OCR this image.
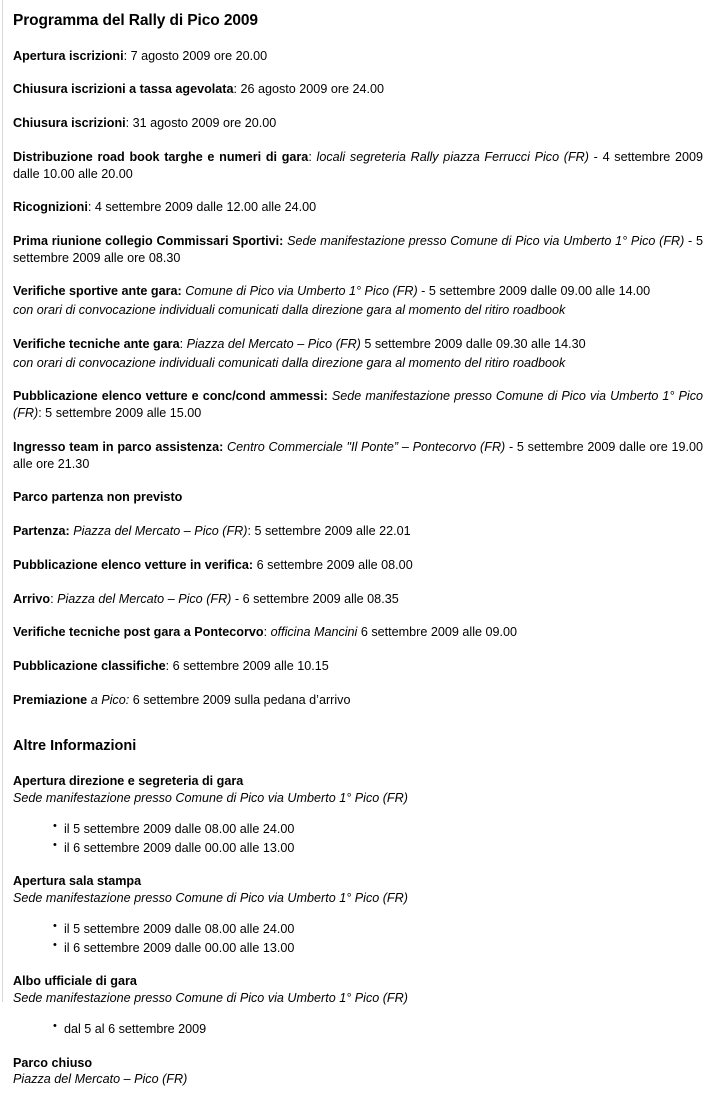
Programma del Rally di Pico 2009

Apertura iscrizioni: 7 agosto 2009 ore 20.00

Chiusura iscrizioni a tassa agevolata: 26 agosto 2009 ore 24.00

Chiusura iscrizioni: 31 agosto 2009 ore 20.00

Distribuzione road book targhe e numeri di gara: locali segreteria Rally piazza Ferrucci Pico (FR) - 4 settembre 2009 dalle 10.00 alle 20.00

Ricognizioni: 4 settembre 2009 dalle 12.00 alle 24.00

Prima riunione collegio Commissari Sportivi: Sede manifestazione presso Comune di Pico via Umberto 1° Pico (FR) - 5 settembre 2009 alle ore 08.30

Verifiche sportive ante gara: Comune di Pico via Umberto 1° Pico (FR) - 5 settembre 2009 dalle 09.00 alle 14.00

con orari di convocazione individuali comunicati dalla direzione gara al momento del ritiro roadbook

Verifiche tecniche ante gara: Piazza del Mercato – Pico (FR) 5 settembre 2009 dalle 09.30 alle 14.30

con orari di convocazione individuali comunicati dalla direzione gara al momento del ritiro roadbook

Pubblicazione elenco vetture e conc/cond ammessi: Sede manifestazione presso Comune di Pico via Umberto 1° Pico (FR): 5 settembre 2009 alle 15.00

Ingresso team in parco assistenza: Centro Commerciale "Il Ponte” – Pontecorvo (FR) - 5 settembre 2009 dalle ore 19.00 alle ore 21.30

Parco partenza non previsto

Partenza: Piazza del Mercato – Pico (FR): 5 settembre 2009 alle 22.01

Pubblicazione elenco vetture in verifica: 6 settembre 2009 alle 08.00

Arrivo: Piazza del Mercato – Pico (FR) - 6 settembre 2009 alle 08.35

Verifiche tecniche post gara a Pontecorvo: officina Mancini 6 settembre 2009 alle 09.00

Pubblicazione classifiche: 6 settembre 2009 alle 10.15

Premiazione a Pico: 6 settembre 2009 sulla pedana d’arrivo

Altre Informazioni

Apertura direzione e segreteria di gara

Sede manifestazione presso Comune di Pico via Umberto 1° Pico (FR)

• il 5 settembre 2009 dalle 08.00 alle 24.00
• il 6 settembre 2009 dalle 00.00 alle 13.00

Apertura sala stampa

Sede manifestazione presso Comune di Pico via Umberto 1° Pico (FR)

• il 5 settembre 2009 dalle 08.00 alle 24.00
• il 6 settembre 2009 dalle 00.00 alle 13.00

Albo ufficiale di gara

Sede manifestazione presso Comune di Pico via Umberto 1° Pico (FR)

• dal 5 al 6 settembre 2009

Parco chiuso

Piazza del Mercato – Pico (FR)
